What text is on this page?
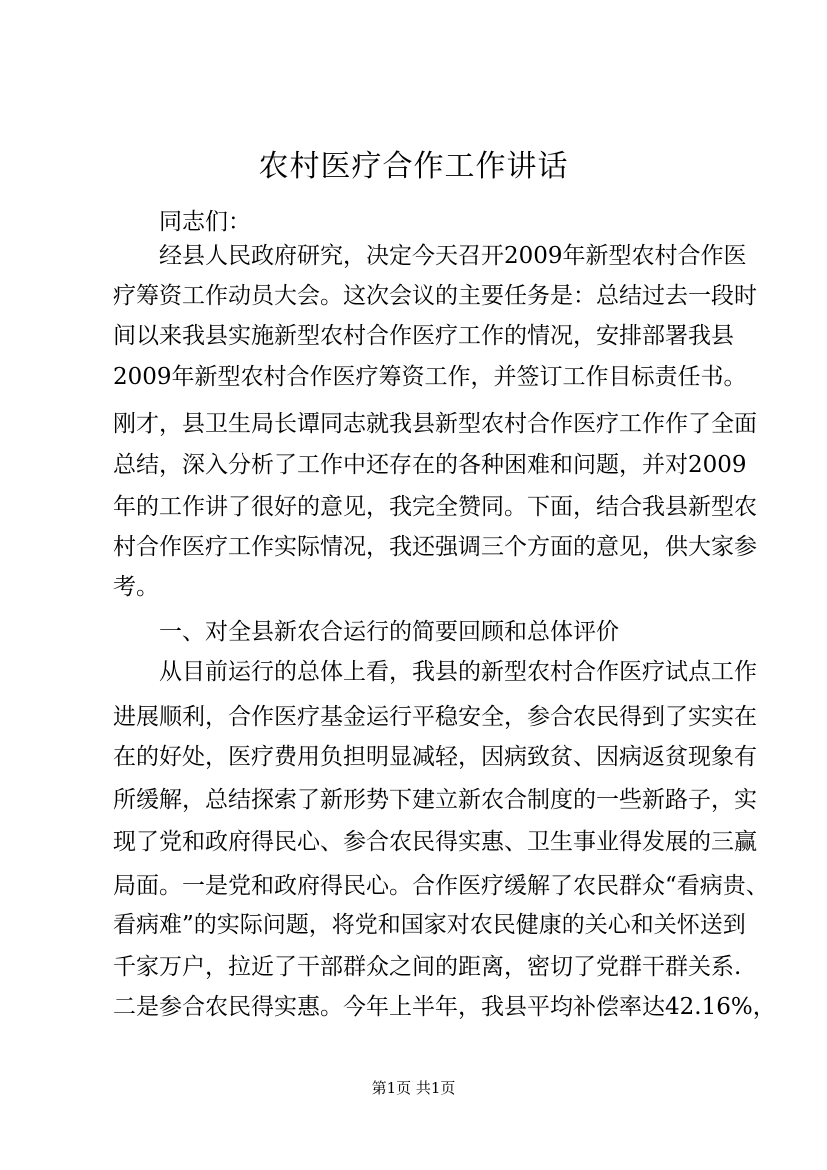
农村医疗合作工作讲话
　　同志们：
　　经县人民政府研究，决定今天召开2009年新型农村合作医
疗筹资工作动员大会。这次会议的主要任务是：总结过去一段时
间以来我县实施新型农村合作医疗工作的情况，安排部署我县
2009年新型农村合作医疗筹资工作，并签订工作目标责任书。
刚才，县卫生局长谭同志就我县新型农村合作医疗工作作了全面
总结，深入分析了工作中还存在的各种困难和问题，并对2009
年的工作讲了很好的意见，我完全赞同。下面，结合我县新型农
村合作医疗工作实际情况，我还强调三个方面的意见，供大家参
考。
　　一、对全县新农合运行的简要回顾和总体评价
　　从目前运行的总体上看，我县的新型农村合作医疗试点工作
进展顺利，合作医疗基金运行平稳安全，参合农民得到了实实在
在的好处，医疗费用负担明显减轻，因病致贫、因病返贫现象有
所缓解，总结探索了新形势下建立新农合制度的一些新路子，实
现了党和政府得民心、参合农民得实惠、卫生事业得发展的三赢
局面。一是党和政府得民心。合作医疗缓解了农民群众“看病贵、
看病难”的实际问题，将党和国家对农民健康的关心和关怀送到
千家万户，拉近了干部群众之间的距离，密切了党群干群关系.
二是参合农民得实惠。今年上半年，我县平均补偿率达42.16%，
第1页 共1页
